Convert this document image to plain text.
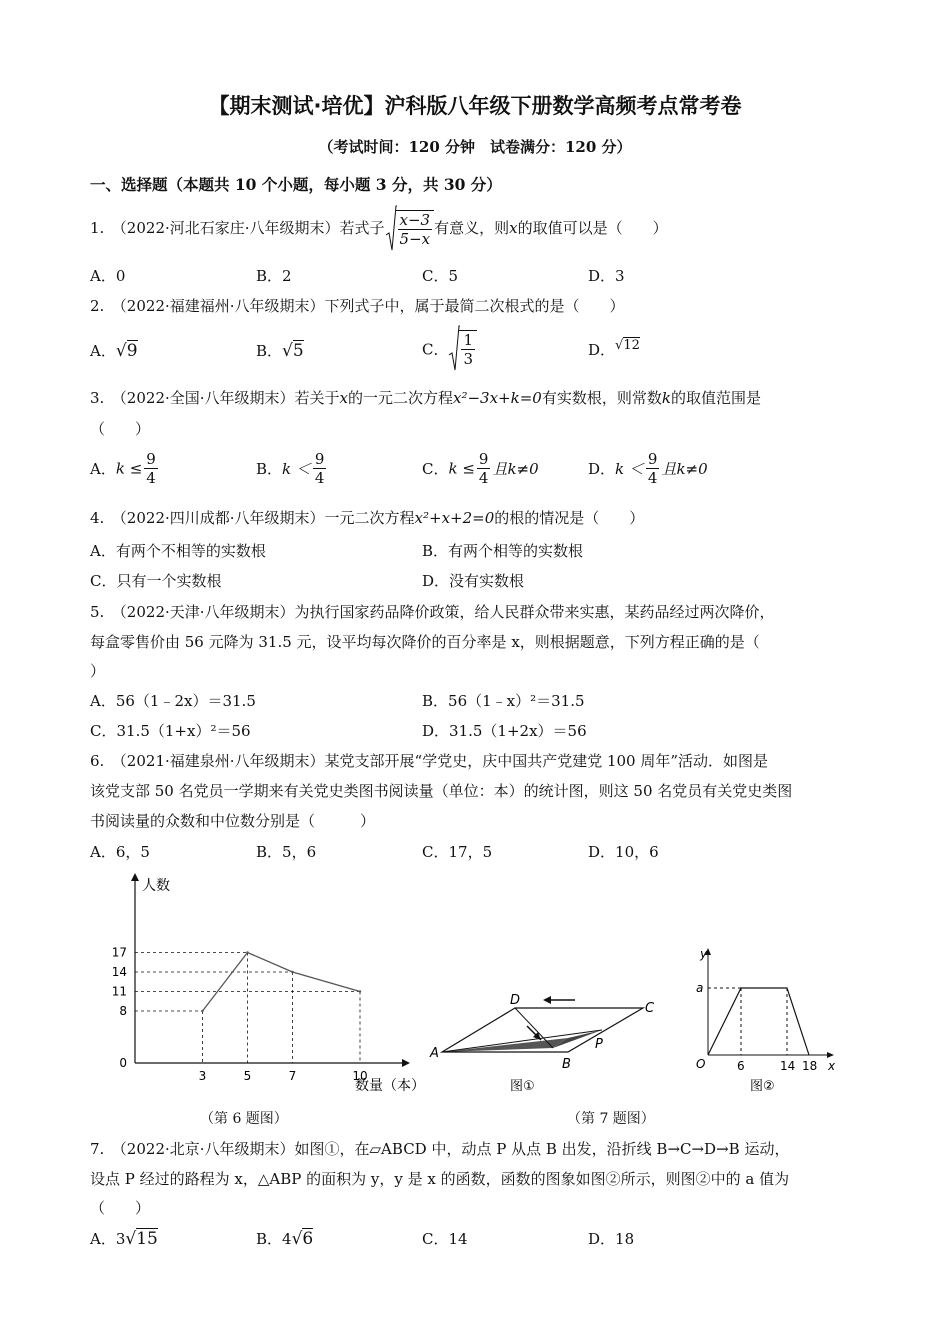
【期末测试·培优】沪科版八年级下册数学高频考点常考卷
（考试时间：120 分钟　试卷满分：120 分）
一、选择题（本题共 10 个小题，每小题 3 分，共 30 分）
1.　（2022·河北石家庄·八年级期末）若式子 $\frac{x-3}{5-x}$ 有意义，则x的取值可以是（　　）
A．0	B．2	C．5	D．3
2.　（2022·福建福州·八年级期末）下列式子中，属于最简二次根式的是（　　）
A．√9	B．√5	C． $\frac{1}{3}$	D．√12
3.　（2022·全国·八年级期末）若关于x的一元二次方程x²−3x+k=0有实数根，则常数k的取值范围是
（　　）
A．$k \le \frac{9}{4}$	B．$k < \frac{9}{4}$	C．$k \le \frac{9}{4}$ 且k≠0	D．$k < \frac{9}{4}$ 且k≠0
4.　（2022·四川成都·八年级期末）一元二次方程x²+x+2=0的根的情况是（　　）
A．有两个不相等的实数根	B．有两个相等的实数根
C．只有一个实数根	D．没有实数根
5.　（2022·天津·八年级期末）为执行国家药品降价政策，给人民群众带来实惠，某药品经过两次降价，
每盒零售价由 56 元降为 31.5 元，设平均每次降价的百分率是 x，则根据题意，下列方程正确的是（
）
A．56（1﹣2x）＝31.5	B．56（1﹣x）²＝31.5
C．31.5（1+x）²＝56	D．31.5（1+2x）＝56
6.　（2021·福建泉州·八年级期末）某党支部开展“学党史，庆中国共产党建党 100 周年”活动．如图是
该党支部 50 名党员一学期来有关党史类图书阅读量（单位：本）的统计图，则这 50 名党员有关党史类图
书阅读量的众数和中位数分别是（　　　）
A．6，5	B．5，6	C．17，5	D．10，6
0
8
11
14
17
3	5	7	10
人数
数量（本）
（第 6 题图）
D
C
A
B
P
图①
y
x
a
O	6	14 18
图②
（第 7 题图）
7.　（2022·北京·八年级期末）如图①，在▱ABCD 中，动点 P 从点 B 出发，沿折线 B→C→D→B 运动，
设点 P 经过的路程为 x，△ABP 的面积为 y，y 是 x 的函数，函数的图象如图②所示，则图②中的 a 值为
（　　）
A．3√15	B．4√6	C．14	D．18
